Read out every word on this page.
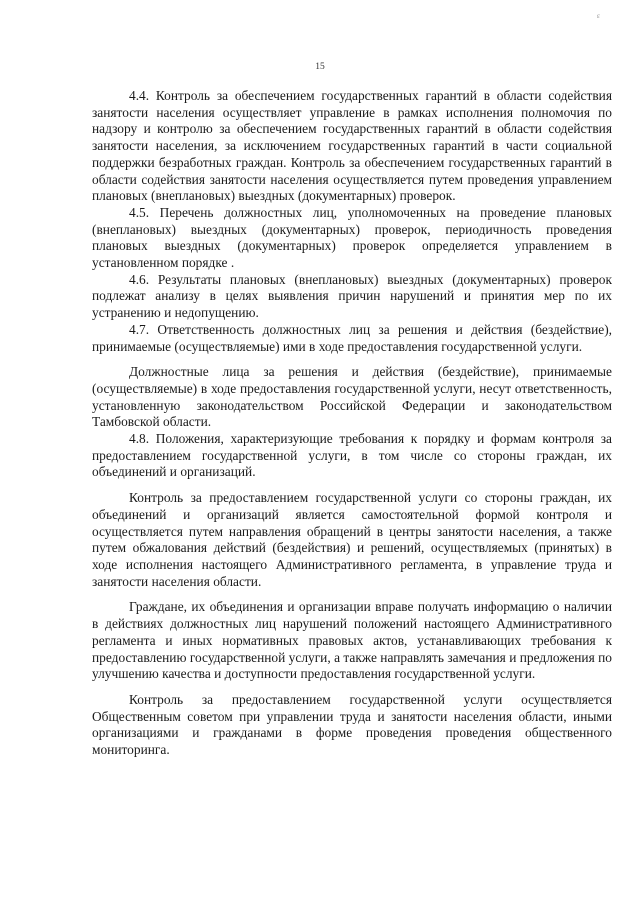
ε
15

4.4. Контроль за обеспечением государственных гарантий в области содействия занятости населения осуществляет управление в рамках исполнения полномочия по надзору и контролю за обеспечением государственных гарантий в области содействия занятости населения, за исключением государственных гарантий в части социальной поддержки безработных граждан. Контроль за обеспечением государственных гарантий в области содействия занятости населения осуществляется путем проведения управлением плановых (внеплановых) выездных (документарных) проверок.

4.5. Перечень должностных лиц, уполномоченных на проведение плановых (внеплановых) выездных (документарных) проверок, периодичность проведения плановых выездных (документарных) проверок определяется управлением в установленном порядке .

4.6. Результаты плановых (внеплановых) выездных (документарных) проверок подлежат анализу в целях выявления причин нарушений и принятия мер по их устранению и недопущению.

4.7. Ответственность должностных лиц за решения и действия (бездействие), принимаемые (осуществляемые) ими в ходе предоставления государственной услуги.

Должностные лица за решения и действия (бездействие), принимаемые (осуществляемые) в ходе предоставления государственной услуги, несут ответственность, установленную законодательством Российской Федерации и законодательством Тамбовской области.

4.8. Положения, характеризующие требования к порядку и формам контроля за предоставлением государственной услуги, в том числе со стороны граждан, их объединений и организаций.

Контроль за предоставлением государственной услуги со стороны граждан, их объединений и организаций является самостоятельной формой контроля и осуществляется путем направления обращений в центры занятости населения, а также путем обжалования действий (бездействия) и решений, осуществляемых (принятых) в ходе исполнения настоящего Административного регламента, в управление труда и занятости населения области.

Граждане, их объединения и организации вправе получать информацию о наличии в действиях должностных лиц нарушений положений настоящего Административного регламента и иных нормативных правовых актов, устанавливающих требования к предоставлению государственной услуги, а также направлять замечания и предложения по улучшению качества и доступности предоставления государственной услуги.

Контроль за предоставлением государственной услуги осуществляется Общественным советом при управлении труда и занятости населения области, иными организациями и гражданами в форме проведения проведения общественного мониторинга.
